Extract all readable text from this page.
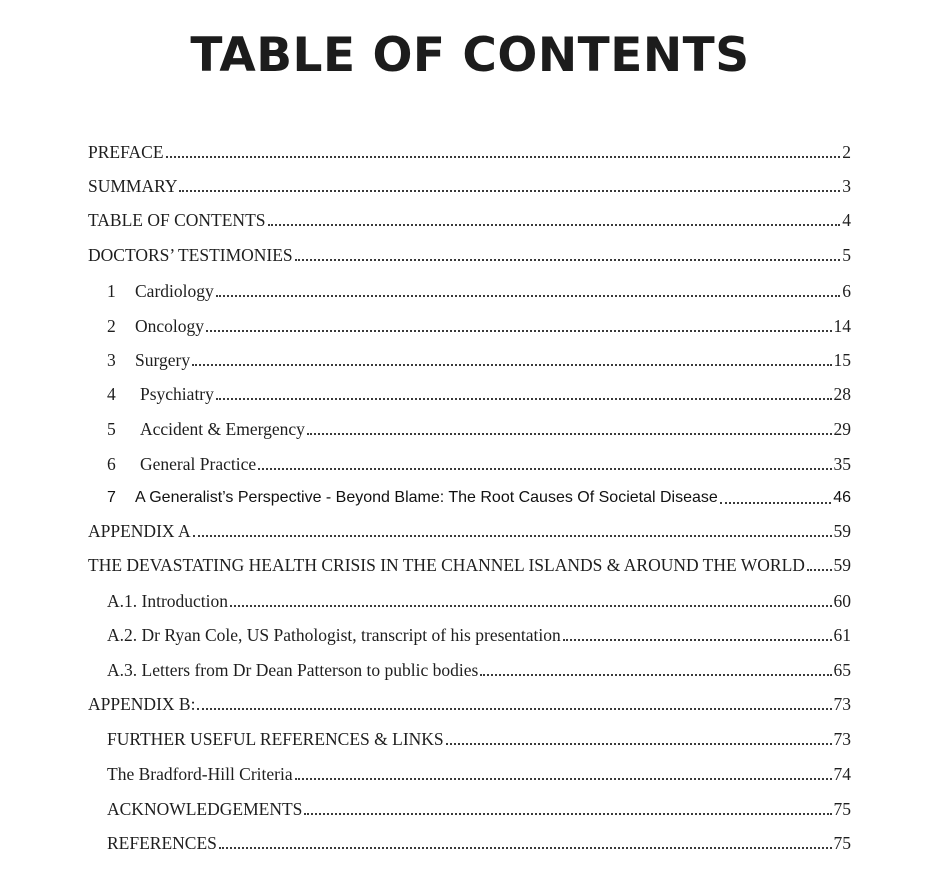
TABLE OF CONTENTS
PREFACE	2
SUMMARY	3
TABLE OF CONTENTS	4
DOCTORS’ TESTIMONIES	5
1	Cardiology	6
2	Oncology	14
3	Surgery	15
4	Psychiatry	28
5	Accident & Emergency	29
6	General Practice	35
7	A Generalist’s Perspective - Beyond Blame: The Root Causes Of Societal Disease	46
APPENDIX A	59
THE DEVASTATING HEALTH CRISIS IN THE CHANNEL ISLANDS & AROUND THE WORLD 59
A.1. Introduction	60
A.2. Dr Ryan Cole, US Pathologist, transcript of his presentation	61
A.3. Letters from Dr Dean Patterson to public bodies	65
APPENDIX B:	73
FURTHER USEFUL REFERENCES & LINKS	73
The Bradford-Hill Criteria	74
ACKNOWLEDGEMENTS	75
REFERENCES	75
